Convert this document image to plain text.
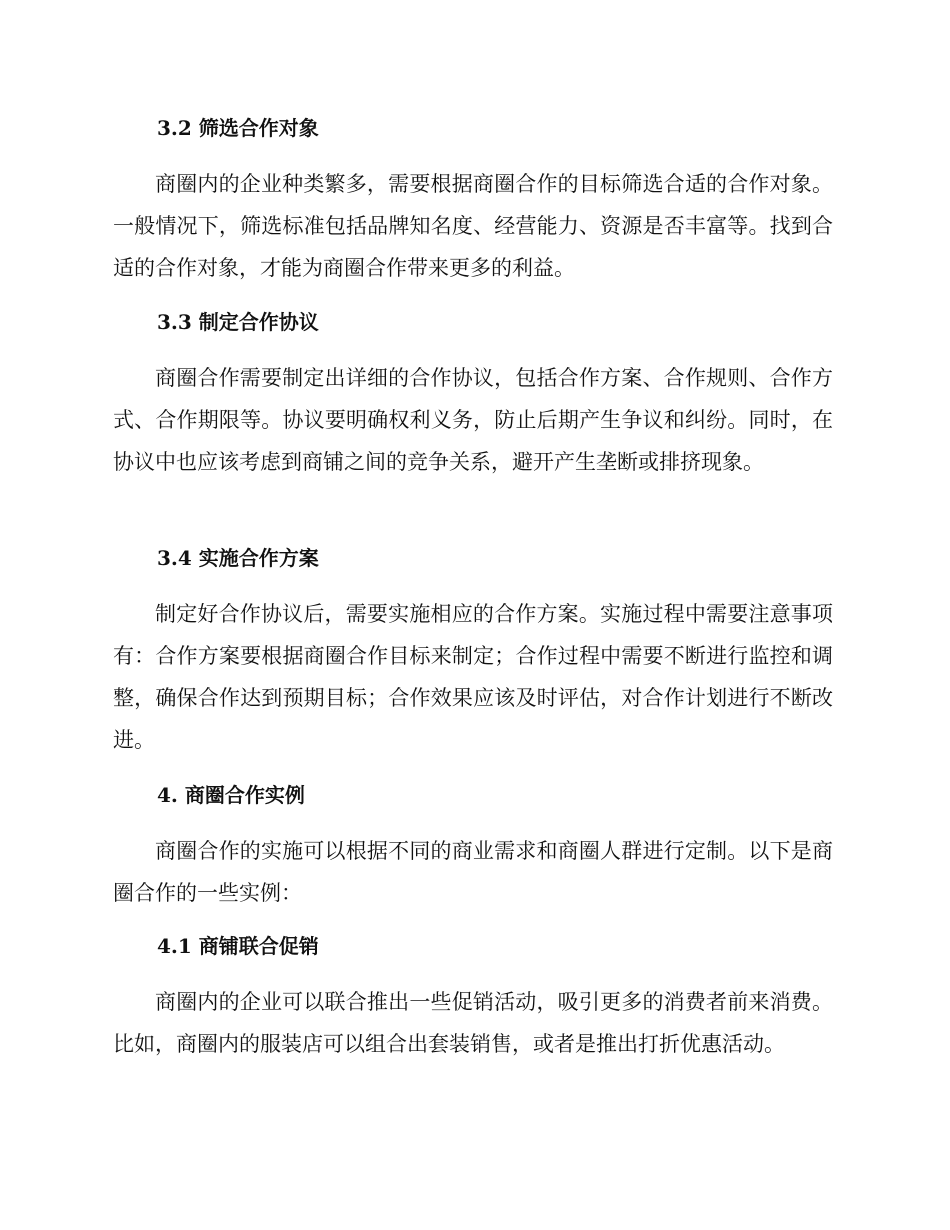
3.2 筛选合作对象
商圈内的企业种类繁多，需要根据商圈合作的目标筛选合适的合作对象。一般情况下，筛选标准包括品牌知名度、经营能力、资源是否丰富等。找到合适的合作对象，才能为商圈合作带来更多的利益。
3.3 制定合作协议
商圈合作需要制定出详细的合作协议，包括合作方案、合作规则、合作方式、合作期限等。协议要明确权利义务，防止后期产生争议和纠纷。同时，在协议中也应该考虑到商铺之间的竞争关系，避开产生垄断或排挤现象。
3.4 实施合作方案
制定好合作协议后，需要实施相应的合作方案。实施过程中需要注意事项有：合作方案要根据商圈合作目标来制定；合作过程中需要不断进行监控和调整，确保合作达到预期目标；合作效果应该及时评估，对合作计划进行不断改进。
4. 商圈合作实例
商圈合作的实施可以根据不同的商业需求和商圈人群进行定制。以下是商圈合作的一些实例：
4.1 商铺联合促销
商圈内的企业可以联合推出一些促销活动，吸引更多的消费者前来消费。比如，商圈内的服装店可以组合出套装销售，或者是推出打折优惠活动。
